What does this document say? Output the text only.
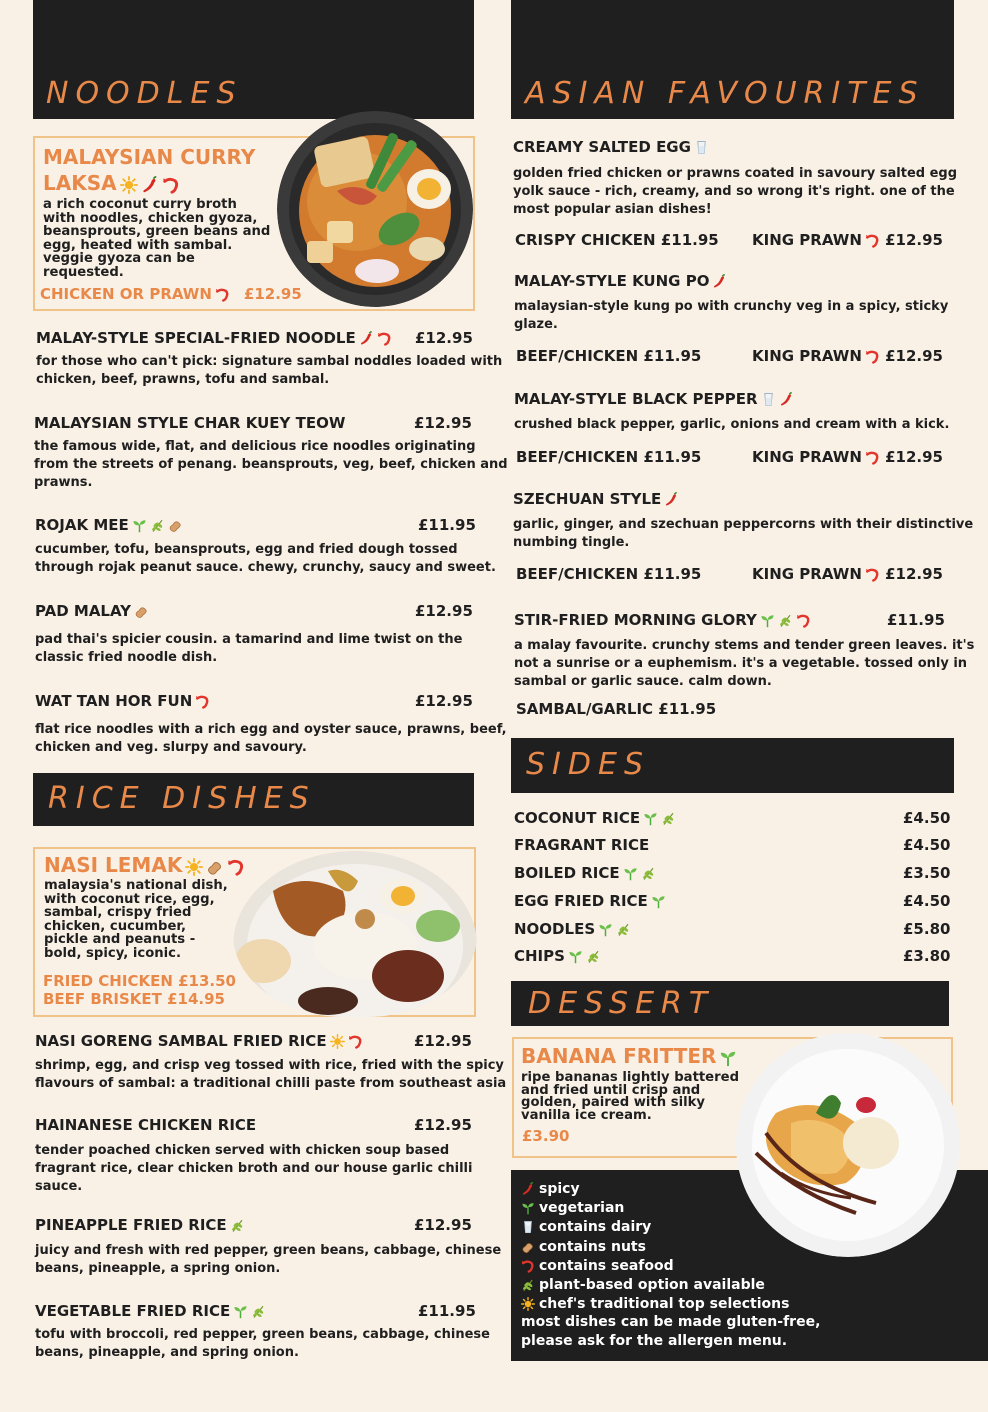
NOODLES
MALAYSIAN CURRY
LAKSA
a rich coconut curry broth
with noodles, chicken gyoza,
beansprouts, green beans and
egg, heated with sambal.
veggie gyoza can be
requested.
CHICKEN OR PRAWN £12.95
MALAY-STYLE SPECIAL-FRIED NOODLE	£12.95
for those who can't pick: signature sambal noddles loaded with
chicken, beef, prawns, tofu and sambal.
MALAYSIAN STYLE CHAR KUEY TEOW	£12.95
the famous wide, flat, and delicious rice noodles originating
from the streets of penang. beansprouts, veg, beef, chicken and
prawns.
ROJAK MEE	£11.95
cucumber, tofu, beansprouts, egg and fried dough tossed
through rojak peanut sauce. chewy, crunchy, saucy and sweet.
PAD MALAY	£12.95
pad thai's spicier cousin. a tamarind and lime twist on the
classic fried noodle dish.
WAT TAN HOR FUN	£12.95
flat rice noodles with a rich egg and oyster sauce, prawns, beef,
chicken and veg. slurpy and savoury.
RICE DISHES
NASI LEMAK
malaysia's national dish,
with coconut rice, egg,
sambal, crispy fried
chicken, cucumber,
pickle and peanuts -
bold, spicy, iconic.
FRIED CHICKEN £13.50
BEEF BRISKET £14.95
NASI GORENG SAMBAL FRIED RICE	£12.95
shrimp, egg, and crisp veg tossed with rice, fried with the spicy
flavours of sambal: a traditional chilli paste from southeast asia
HAINANESE CHICKEN RICE	£12.95
tender poached chicken served with chicken soup based
fragrant rice, clear chicken broth and our house garlic chilli
sauce.
PINEAPPLE FRIED RICE	£12.95
juicy and fresh with red pepper, green beans, cabbage, chinese
beans, pineapple, a spring onion.
VEGETABLE FRIED RICE	£11.95
tofu with broccoli, red pepper, green beans, cabbage, chinese
beans, pineapple, and spring onion.
ASIAN FAVOURITES
CREAMY SALTED EGG
golden fried chicken or prawns coated in savoury salted egg
yolk sauce - rich, creamy, and so wrong it's right. one of the
most popular asian dishes!
CRISPY CHICKEN £11.95 KING PRAWN £12.95
MALAY-STYLE KUNG PO
malaysian-style kung po with crunchy veg in a spicy, sticky
glaze.
BEEF/CHICKEN £11.95	KING PRAWN £12.95
MALAY-STYLE BLACK PEPPER
crushed black pepper, garlic, onions and cream with a kick.
BEEF/CHICKEN £11.95	KING PRAWN £12.95
SZECHUAN STYLE
garlic, ginger, and szechuan peppercorns with their distinctive
numbing tingle.
BEEF/CHICKEN £11.95	KING PRAWN £12.95
STIR-FRIED MORNING GLORY	£11.95
a malay favourite. crunchy stems and tender green leaves. it's
not a sunrise or a euphemism. it's a vegetable. tossed only in
sambal or garlic sauce. calm down.
SAMBAL/GARLIC £11.95
SIDES
COCONUT RICE	£4.50
FRAGRANT RICE	£4.50
BOILED RICE	£3.50
EGG FRIED RICE	£4.50
NOODLES	£5.80
CHIPS	£3.80
DESSERT
BANANA FRITTER
ripe bananas lightly battered
and fried until crisp and
golden, paired with silky
vanilla ice cream.
£3.90
spicy
vegetarian
contains dairy
contains nuts
contains seafood
plant-based option available
chef's traditional top selections
most dishes can be made gluten-free,
please ask for the allergen menu.
